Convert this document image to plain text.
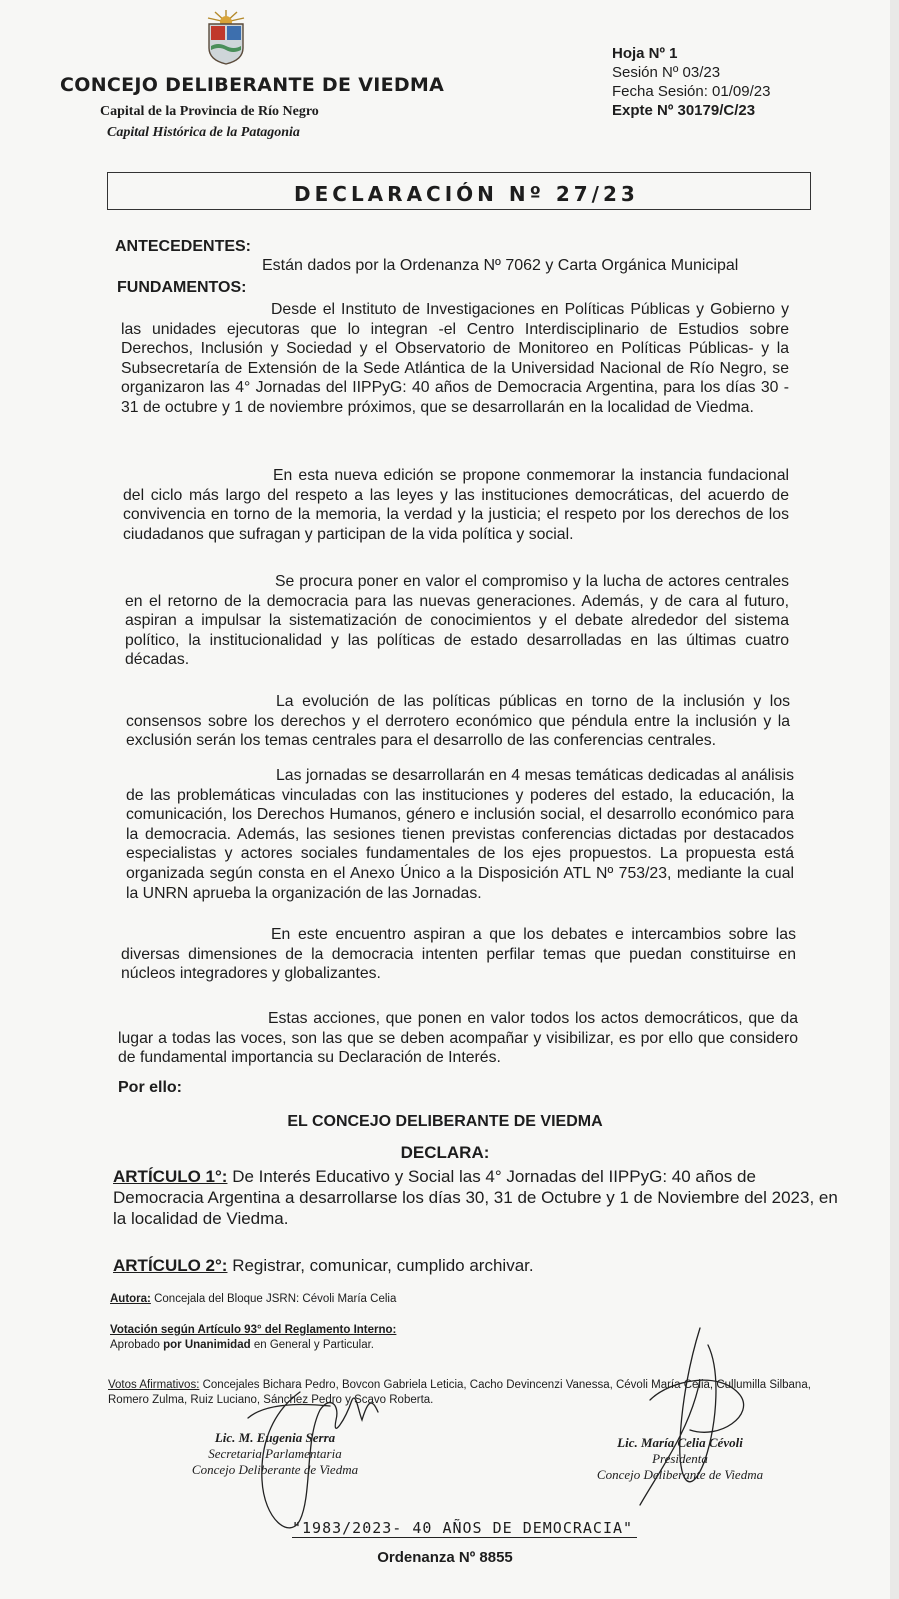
CONCEJO DELIBERANTE DE VIEDMA
Capital de la Provincia de Río Negro
Capital Histórica de la Patagonia
Hoja Nº 1
Sesión Nº 03/23
Fecha Sesión: 01/09/23
Expte Nº 30179/C/23
DECLARACIÓN Nº 27/23
ANTECEDENTES:
Están dados por la Ordenanza Nº 7062 y Carta Orgánica Municipal
FUNDAMENTOS:

Desde el Instituto de Investigaciones en Políticas Públicas y Gobierno y las unidades ejecutoras que lo integran -el Centro Interdisciplinario de Estudios sobre Derechos, Inclusión y Sociedad y el Observatorio de Monitoreo en Políticas Públicas- y la Subsecretaría de Extensión de la Sede Atlántica de la Universidad Nacional de Río Negro, se organizaron las 4° Jornadas del IIPPyG: 40 años de Democracia Argentina, para los días 30 - 31 de octubre y 1 de noviembre próximos, que se desarrollarán en la localidad de Viedma.

En esta nueva edición se propone conmemorar la instancia fundacional del ciclo más largo del respeto a las leyes y las instituciones democráticas, del acuerdo de convivencia en torno de la memoria, la verdad y la justicia; el respeto por los derechos de los ciudadanos que sufragan y participan de la vida política y social.

Se procura poner en valor el compromiso y la lucha de actores centrales en el retorno de la democracia para las nuevas generaciones. Además, y de cara al futuro, aspiran a impulsar la sistematización de conocimientos y el debate alrededor del sistema político, la institucionalidad y las políticas de estado desarrolladas en las últimas cuatro décadas.

La evolución de las políticas públicas en torno de la inclusión y los consensos sobre los derechos y el derrotero económico que péndula entre la inclusión y la exclusión serán los temas centrales para el desarrollo de las conferencias centrales.

Las jornadas se desarrollarán en 4 mesas temáticas dedicadas al análisis de las problemáticas vinculadas con las instituciones y poderes del estado, la educación, la comunicación, los Derechos Humanos, género e inclusión social, el desarrollo económico para la democracia. Además, las sesiones tienen previstas conferencias dictadas por destacados especialistas y actores sociales fundamentales de los ejes propuestos. La propuesta está organizada según consta en el Anexo Único a la Disposición ATL Nº 753/23, mediante la cual la UNRN aprueba la organización de las Jornadas.

En este encuentro aspiran a que los debates e intercambios sobre las diversas dimensiones de la democracia intenten perfilar temas que puedan constituirse en núcleos integradores y globalizantes.

Estas acciones, que ponen en valor todos los actos democráticos, que da lugar a todas las voces, son las que se deben acompañar y visibilizar, es por ello que considero de fundamental importancia su Declaración de Interés.

Por ello:
EL CONCEJO DELIBERANTE DE VIEDMA
DECLARA:
ARTÍCULO 1°: De Interés Educativo y Social las 4° Jornadas del IIPPyG: 40 años de Democracia Argentina a desarrollarse los días 30, 31 de Octubre y 1 de Noviembre del 2023, en la localidad de Viedma.
ARTÍCULO 2°: Registrar, comunicar, cumplido archivar.
Autora: Concejala del Bloque JSRN: Cévoli María Celia
Votación según Artículo 93° del Reglamento Interno:
Aprobado por Unanimidad en General y Particular.
Votos Afirmativos: Concejales Bichara Pedro, Bovcon Gabriela Leticia, Cacho Devincenzi Vanessa, Cévoli María Celia, Cullumilla Silbana, Romero Zulma, Ruiz Luciano, Sánchez Pedro y Scavo Roberta.
Lic. M. Eugenia Serra
Secretaria Parlamentaria
Concejo Deliberante de Viedma
Lic. María Celia Cévoli
Presidenta
Concejo Deliberante de Viedma
"1983/2023- 40 AÑOS DE DEMOCRACIA"
Ordenanza Nº 8855
